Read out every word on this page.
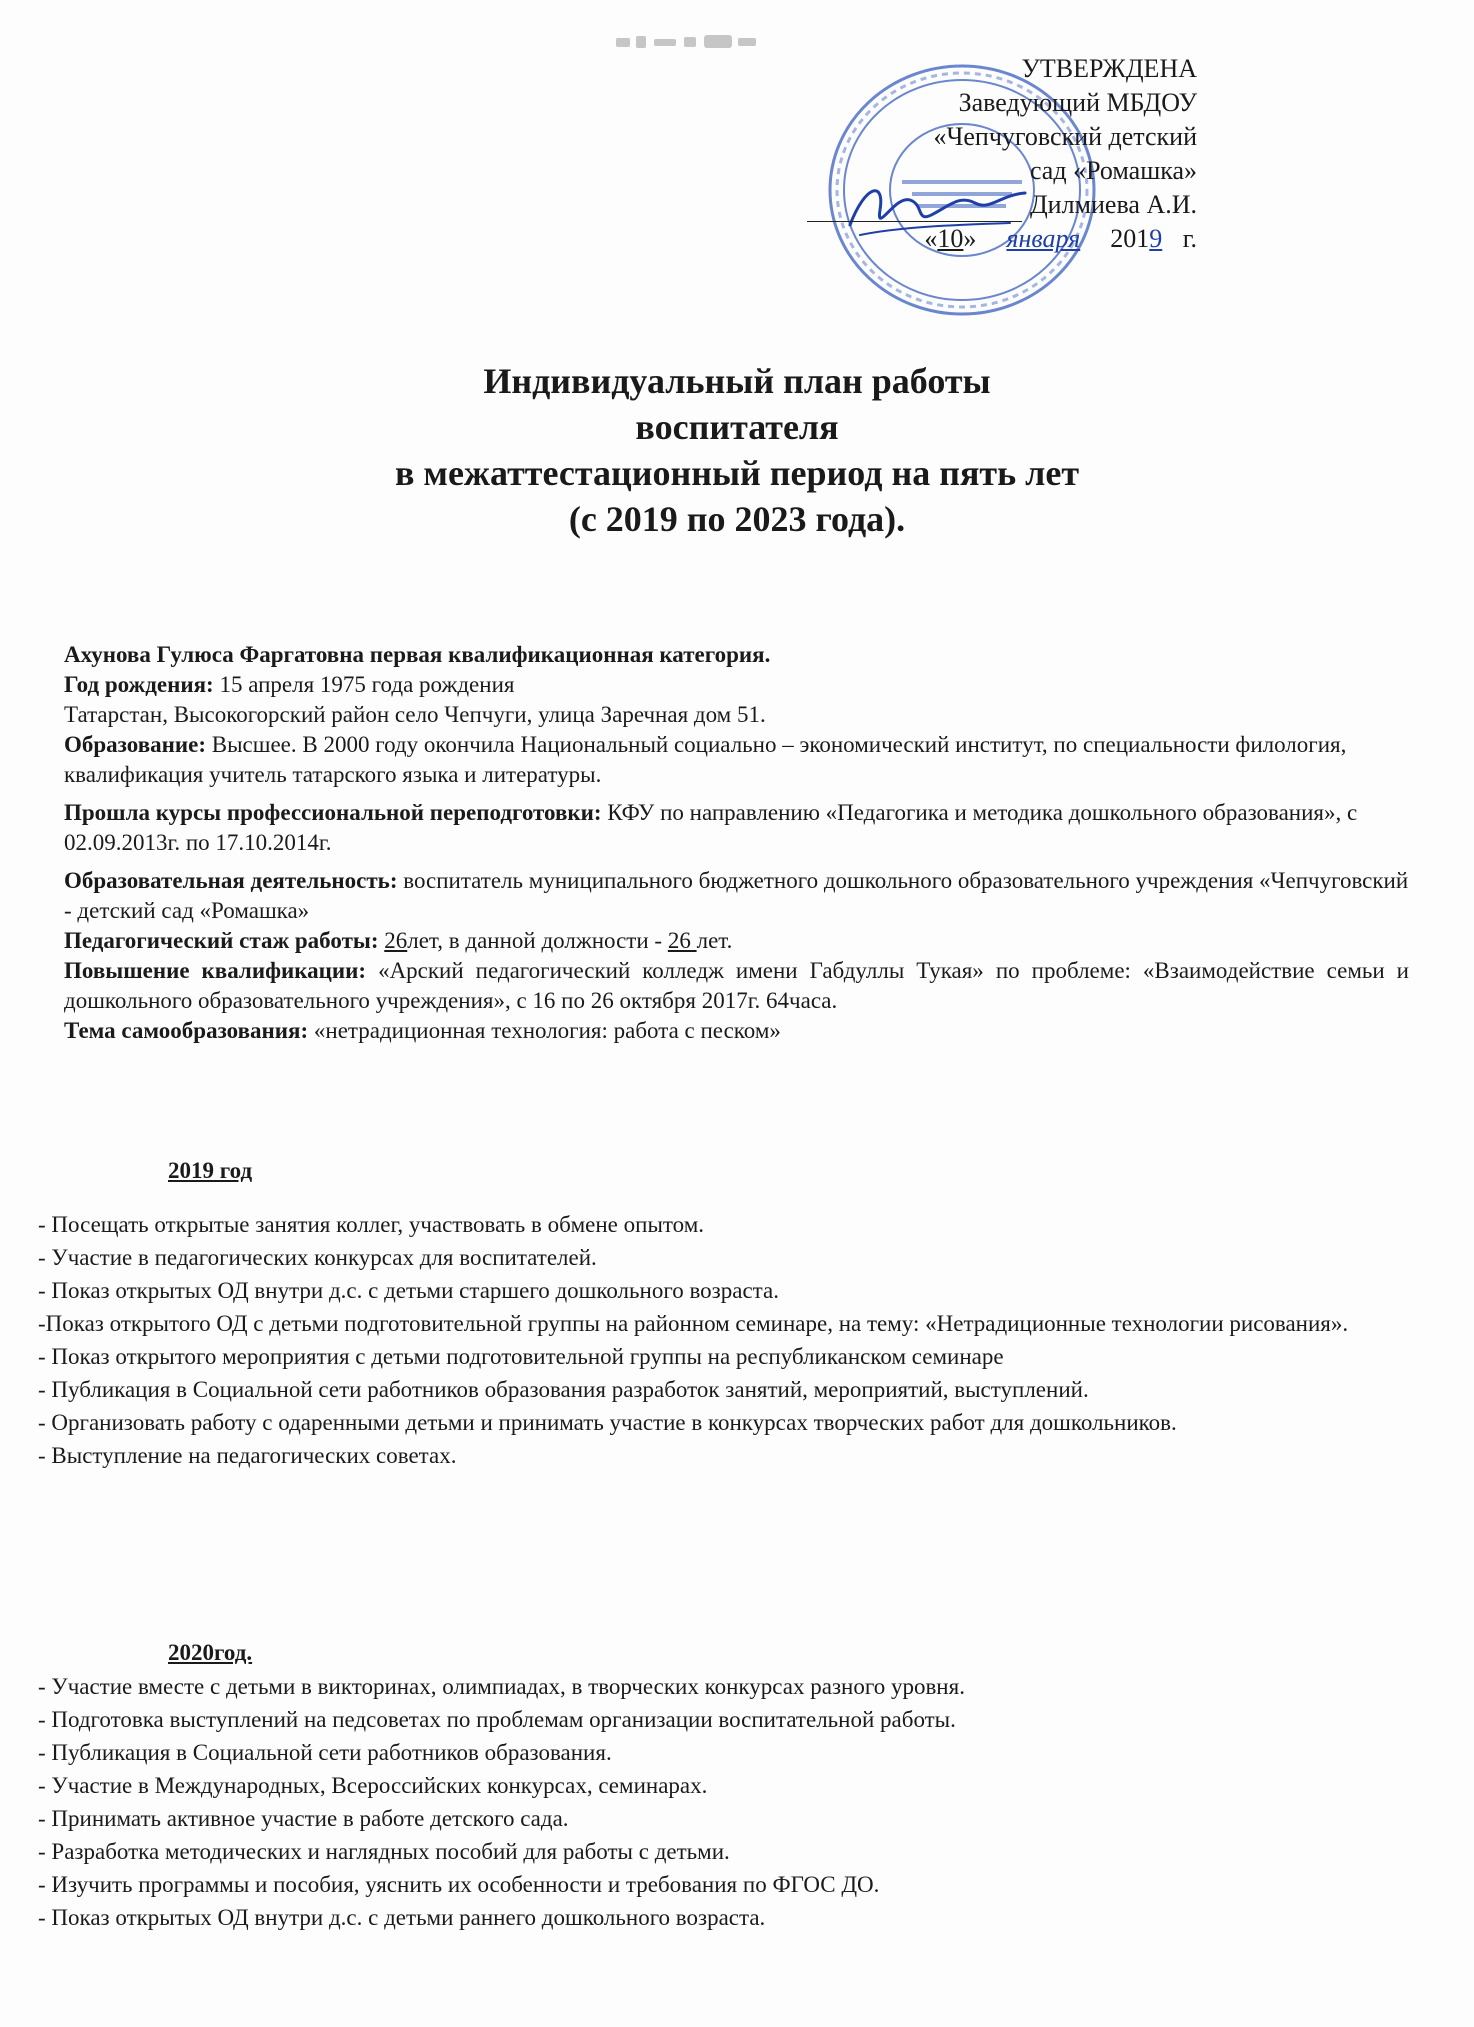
УТВЕРЖДЕНА
Заведующий МБДОУ
«Чепчуговский детский
сад «Ромашка»
Дилмиева А.И.
«10» января 2019 г.
Индивидуальный план работы
воспитателя
в межаттестационный период на пять лет
(с 2019 по 2023 года).

Ахунова Гулюса Фаргатовна первая квалификационная категория.

Год рождения: 15 апреля 1975 года рождения

Татарстан, Высокогорский район село Чепчуги, улица Заречная дом 51.

Образование: Высшее. В 2000 году окончила Национальный социально – экономический институт, по специальности филология, квалификация учитель татарского языка и литературы.

Прошла курсы профессиональной переподготовки: КФУ по направлению «Педагогика и методика дошкольного образования», с 02.09.2013г. по 17.10.2014г.

Образовательная деятельность: воспитатель муниципального бюджетного дошкольного образовательного учреждения «Чепчуговский - детский сад «Ромашка»

Педагогический стаж работы: 26лет, в данной должности - 26 лет.

Повышение квалификации: «Арский педагогический колледж имени Габдуллы Тукая» по проблеме: «Взаимодействие семьи и дошкольного образовательного учреждения», с 16 по 26 октября 2017г. 64часа.

Тема самообразования: «нетрадиционная технология: работа с песком»

2019 год
- Посещать открытые занятия коллег, участвовать в обмене опытом.
- Участие в педагогических конкурсах для воспитателей.
- Показ открытых ОД внутри д.с. с детьми старшего дошкольного возраста.
-Показ открытого ОД с детьми подготовительной группы на районном семинаре, на тему: «Нетрадиционные технологии рисования».
- Показ открытого мероприятия с детьми подготовительной группы на республиканском семинаре
- Публикация в Социальной сети работников образования разработок занятий, мероприятий, выступлений.
- Организовать работу с одаренными детьми и принимать участие в конкурсах творческих работ для дошкольников.
- Выступление на педагогических советах.
2020год.
- Участие вместе с детьми в викторинах, олимпиадах, в творческих конкурсах разного уровня.
- Подготовка выступлений на педсоветах по проблемам организации воспитательной работы.
- Публикация в Социальной сети работников образования.
- Участие в Международных, Всероссийских конкурсах, семинарах.
- Принимать активное участие в работе детского сада.
- Разработка методических и наглядных пособий для работы с детьми.
- Изучить программы и пособия, уяснить их особенности и требования по ФГОС ДО.
- Показ открытых ОД внутри д.с. с детьми раннего дошкольного возраста.
